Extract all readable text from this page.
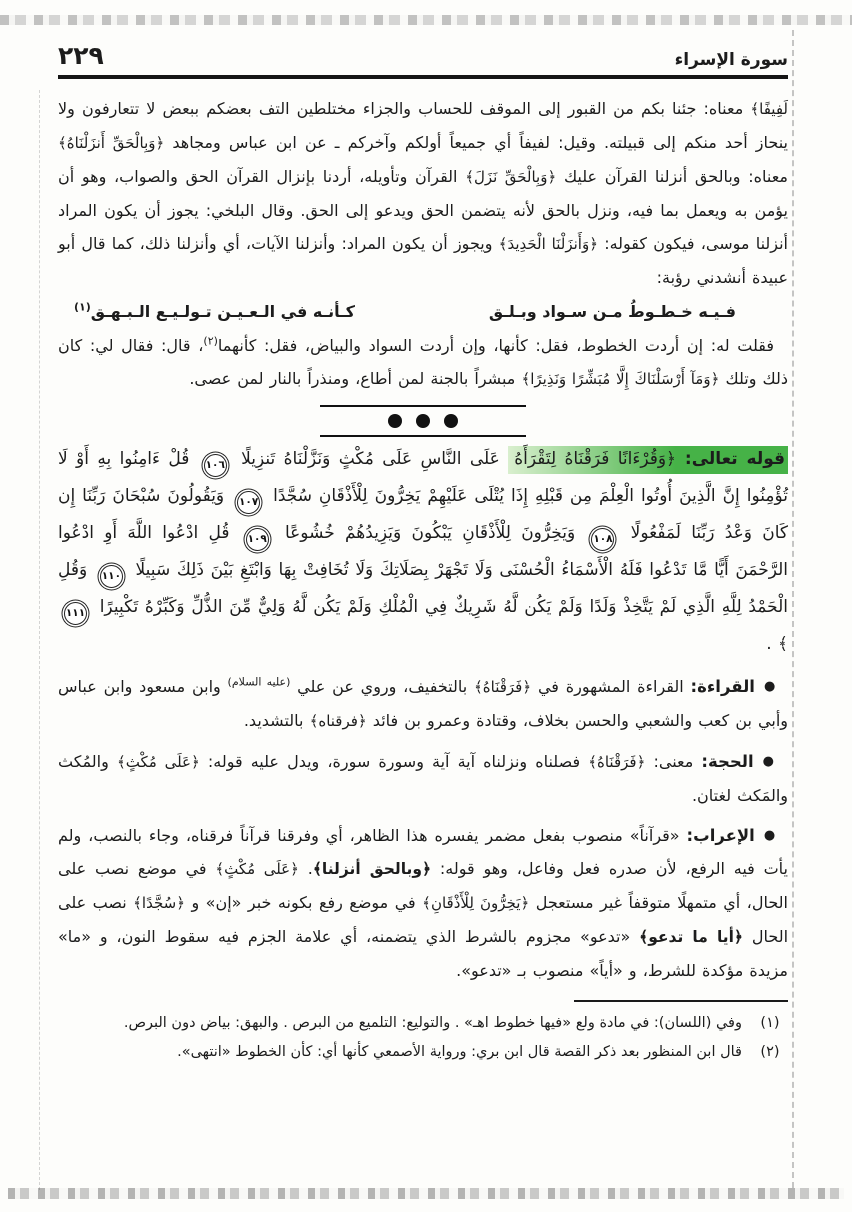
سورة الإسراء
٢٢٩

لَفِيفًا﴾ معناه: جئنا بكم من القبور إلى الموقف للحساب والجزاء مختلطين التف بعضكم ببعض لا تتعارفون ولا ينحاز أحد منكم إلى قبيلته. وقيل: لفيفاً أي جميعاً أولكم وآخركم ـ عن ابن عباس ومجاهد ﴿وَبِالْحَقِّ أَنزَلْنَاهُ﴾ معناه: وبالحق أنزلنا القرآن عليك ﴿وَبِالْحَقِّ نَزَلَ﴾ القرآن وتأويله، أردنا بإنزال القرآن الحق والصواب، وهو أن يؤمن به ويعمل بما فيه، ونزل بالحق لأنه يتضمن الحق ويدعو إلى الحق. وقال البلخي: يجوز أن يكون المراد أنزلنا موسى، فيكون كقوله: ﴿وَأَنزَلْنَا الْحَدِيدَ﴾ ويجوز أن يكون المراد: وأنزلنا الآيات، أي وأنزلنا ذلك، كما قال أبو عبيدة أنشدني رؤبة:

فـيـه خـطـوطُ مـن سـواد وبـلـق
كـأنـه في الـعـيـن تـولـيـع الـبـهـق$^{(١)}$

فقلت له: إن أردت الخطوط، فقل: كأنها، وإن أردت السواد والبياض، فقل: كأنهما$^{(٢)}$، قال: فقال لي: كان ذلك وتلك ﴿وَمَآ أَرْسَلْنَاكَ إِلَّا مُبَشِّرًا وَنَذِيرًا﴾ مبشراً بالجنة لمن أطاع، ومنذراً بالنار لمن عصى.

قوله تعالى: ﴿وَقُرْءَانًا فَرَقْنَاهُ لِتَقْرَأَهُ عَلَى النَّاسِ عَلَى مُكْثٍ وَنَزَّلْنَاهُ تَنزِيلًا ١٠٦ قُلْ ءَامِنُوا بِهِ أَوْ لَا تُؤْمِنُوا إِنَّ الَّذِينَ أُوتُوا الْعِلْمَ مِن قَبْلِهِ إِذَا يُتْلَى عَلَيْهِمْ يَخِرُّونَ لِلْأَذْقَانِ سُجَّدًا ١٠٧ وَيَقُولُونَ سُبْحَانَ رَبِّنَا إِن كَانَ وَعْدُ رَبِّنَا لَمَفْعُولًا ١٠٨ وَيَخِرُّونَ لِلْأَذْقَانِ يَبْكُونَ وَيَزِيدُهُمْ خُشُوعًا ١٠٩ قُلِ ادْعُوا اللَّهَ أَوِ ادْعُوا الرَّحْمَنَ أَيًّا مَّا تَدْعُوا فَلَهُ الْأَسْمَاءُ الْحُسْنَى وَلَا تَجْهَرْ بِصَلَاتِكَ وَلَا تُخَافِتْ بِهَا وَابْتَغِ بَيْنَ ذَلِكَ سَبِيلًا ١١٠ وَقُلِ الْحَمْدُ لِلَّهِ الَّذِي لَمْ يَتَّخِذْ وَلَدًا وَلَمْ يَكُن لَّهُ شَرِيكٌ فِي الْمُلْكِ وَلَمْ يَكُن لَّهُ وَلِيٌّ مِّنَ الذُّلِّ وَكَبِّرْهُ تَكْبِيرًا ١١١﴾ .

●القراءة: القراءة المشهورة في ﴿فَرَقْنَاهُ﴾ بالتخفيف، وروي عن علي $^{(عليه السلام)}$ وابن مسعود وابن عباس وأبي بن كعب والشعبي والحسن بخلاف، وقتادة وعمرو بن فائد ﴿فرقناه﴾ بالتشديد.

●الحجة: معنى: ﴿فَرَقْنَاهُ﴾ فصلناه ونزلناه آية آية وسورة سورة، ويدل عليه قوله: ﴿عَلَى مُكْثٍ﴾ والمُكث والمَكث لغتان.

●الإعراب: «قرآناً» منصوب بفعل مضمر يفسره هذا الظاهر، أي وفرقنا قرآناً فرقناه، وجاء بالنصب، ولم يأت فيه الرفع، لأن صدره فعل وفاعل، وهو قوله: ﴿وبالحق أنزلنا﴾. ﴿عَلَى مُكْثٍ﴾ في موضع نصب على الحال، أي متمهلًا متوقفاً غير مستعجل ﴿يَخِرُّونَ لِلْأَذْقَانِ﴾ في موضع رفع بكونه خبر «إن» و ﴿سُجَّدًا﴾ نصب على الحال ﴿أيا ما تدعو﴾ «تدعو» مجزوم بالشرط الذي يتضمنه، أي علامة الجزم فيه سقوط النون، و «ما» مزيدة مؤكدة للشرط، و «أياً» منصوب بـ «تدعو».

(١)
وفي (اللسان): في مادة ولع «فيها خطوط اهـ» . والتوليع: التلميع من البرص . والبهق: بياض دون البرص.
(٢)
قال ابن المنظور بعد ذكر القصة قال ابن بري: ورواية الأصمعي كأنها أي: كأن الخطوط «انتهى».
